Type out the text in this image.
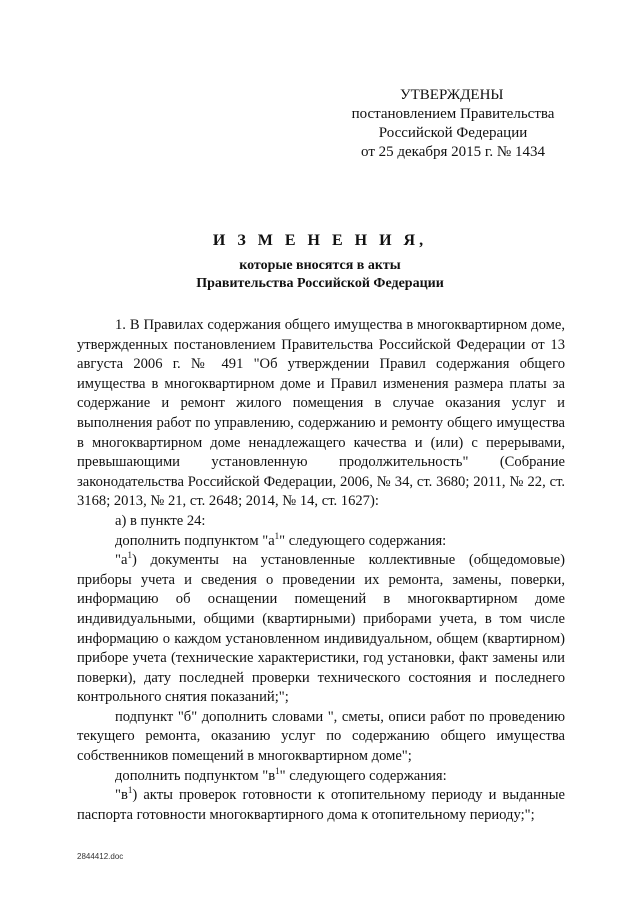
УТВЕРЖДЕНЫ
постановлением Правительства
Российской Федерации
от 25 декабря 2015 г. № 1434
И З М Е Н Е Н И Я,
которые вносятся в акты
Правительства Российской Федерации

1. В Правилах содержания общего имущества в многоквартирном доме, утвержденных постановлением Правительства Российской Федерации от 13 августа 2006 г. № 491 "Об утверждении Правил содержания общего имущества в многоквартирном доме и Правил изменения размера платы за содержание и ремонт жилого помещения в случае оказания услуг и выполнения работ по управлению, содержанию и ремонту общего имущества в многоквартирном доме ненадлежащего качества и (или) с перерывами, превышающими установленную продолжительность" (Собрание законодательства Российской Федерации, 2006, № 34, ст. 3680; 2011, № 22, ст. 3168; 2013, № 21, ст. 2648; 2014, № 14, ст. 1627):

а) в пункте 24:

дополнить подпунктом "$а^1$" следующего содержания:

"$а^1$) документы на установленные коллективные (общедомовые) приборы учета и сведения о проведении их ремонта, замены, поверки, информацию об оснащении помещений в многоквартирном доме индивидуальными, общими (квартирными) приборами учета, в том числе информацию о каждом установленном индивидуальном, общем (квартирном) приборе учета (технические характеристики, год установки, факт замены или поверки), дату последней проверки технического состояния и последнего контрольного снятия показаний;";

подпункт "б" дополнить словами ", сметы, описи работ по проведению текущего ремонта, оказанию услуг по содержанию общего имущества собственников помещений в многоквартирном доме";

дополнить подпунктом "$в^1$" следующего содержания:

"$в^1$) акты проверок готовности к отопительному периоду и выданные паспорта готовности многоквартирного дома к отопительному периоду;";

2844412.doc
